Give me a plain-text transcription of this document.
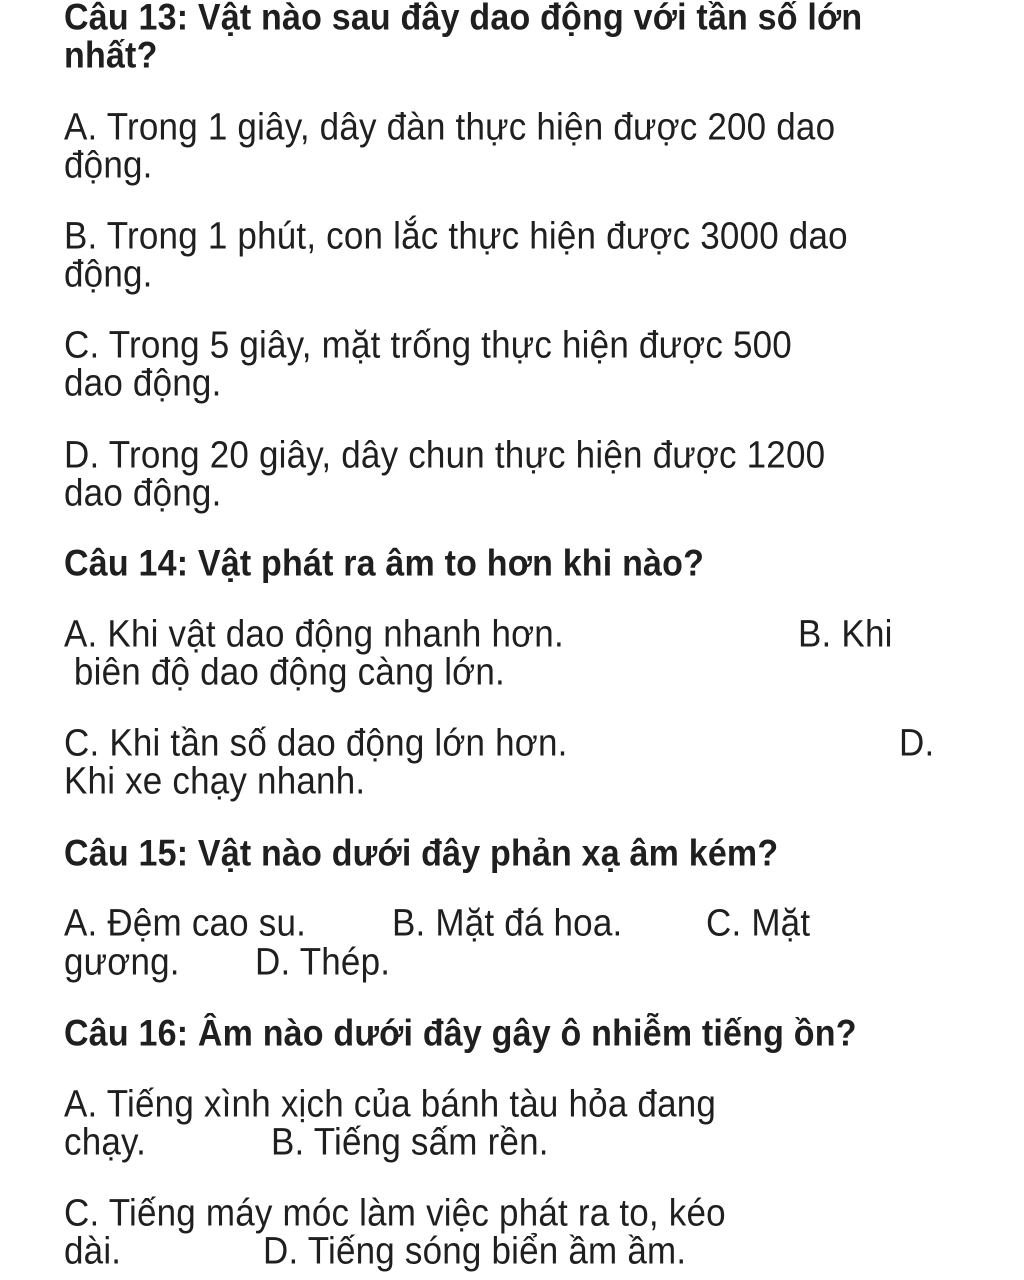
Câu 13: Vật nào sau đây dao động với tần số lớn
nhất?
A. Trong 1 giây, dây đàn thực hiện được 200 dao
động.
B. Trong 1 phút, con lắc thực hiện được 3000 dao
động.
C. Trong 5 giây, mặt trống thực hiện được 500
dao động.
D. Trong 20 giây, dây chun thực hiện được 1200
dao động.
Câu 14: Vật phát ra âm to hơn khi nào?
A. Khi vật dao động nhanh hơn.	B. Khi
biên độ dao động càng lớn.
C. Khi tần số dao động lớn hơn.	D.
Khi xe chạy nhanh.
Câu 15: Vật nào dưới đây phản xạ âm kém?
A. Đệm cao su. B. Mặt đá hoa. C. Mặt
gương. D. Thép.
Câu 16: Âm nào dưới đây gây ô nhiễm tiếng ồn?
A. Tiếng xình xịch của bánh tàu hỏa đang
chạy.	B. Tiếng sấm rền.
C. Tiếng máy móc làm việc phát ra to, kéo
dài.	D. Tiếng sóng biển ầm ầm.
